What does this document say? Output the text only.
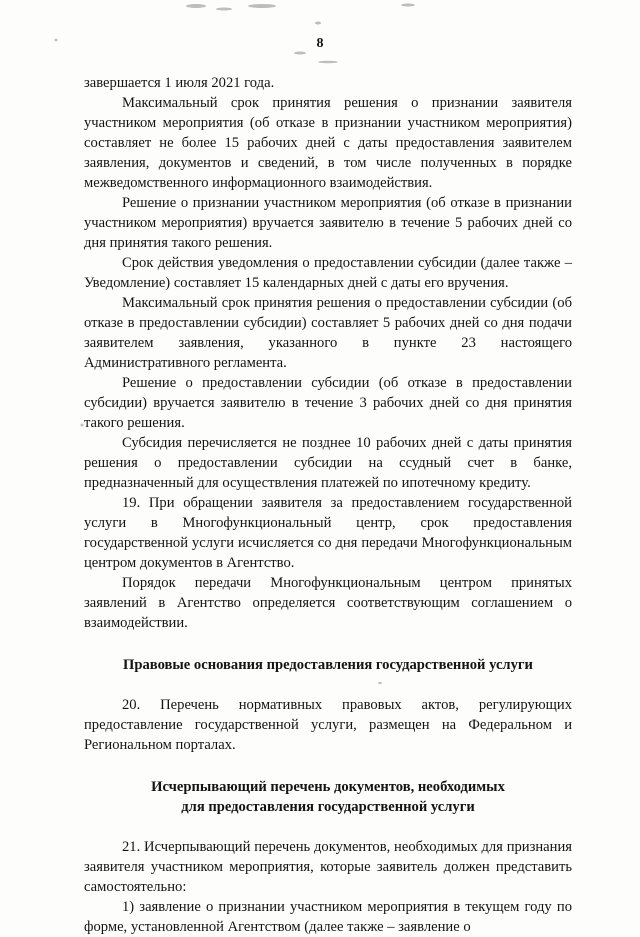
8

завершается 1 июля 2021 года.

Максимальный срок принятия решения о признании заявителя участником мероприятия (об отказе в признании участником мероприятия) составляет не более 15 рабочих дней с даты предоставления заявителем заявления, документов и сведений, в том числе полученных в порядке межведомственного информационного взаимодействия.

Решение о признании участником мероприятия (об отказе в признании участником мероприятия) вручается заявителю в течение 5 рабочих дней со дня принятия такого решения.

Срок действия уведомления о предоставлении субсидии (далее также – Уведомление) составляет 15 календарных дней с даты его вручения.

Максимальный срок принятия решения о предоставлении субсидии (об отказе в предоставлении субсидии) составляет 5 рабочих дней со дня подачи заявителем заявления, указанного в пункте 23 настоящего Административного регламента.

Решение о предоставлении субсидии (об отказе в предоставлении субсидии) вручается заявителю в течение 3 рабочих дней со дня принятия такого решения.

Субсидия перечисляется не позднее 10 рабочих дней с даты принятия решения о предоставлении субсидии на ссудный счет в банке, предназначенный для осуществления платежей по ипотечному кредиту.

19. При обращении заявителя за предоставлением государственной услуги в Многофункциональный центр, срок предоставления государственной услуги исчисляется со дня передачи Многофункциональным центром документов в Агентство.

Порядок передачи Многофункциональным центром принятых заявлений в Агентство определяется соответствующим соглашением о взаимодействии.

Правовые основания предоставления государственной услуги

20. Перечень нормативных правовых актов, регулирующих предоставление государственной услуги, размещен на Федеральном и Региональном порталах.

Исчерпывающий перечень документов, необходимых

для предоставления государственной услуги

21. Исчерпывающий перечень документов, необходимых для признания заявителя участником мероприятия, которые заявитель должен представить самостоятельно:

1) заявление о признании участником мероприятия в текущем году по форме, установленной Агентством (далее также – заявление о
